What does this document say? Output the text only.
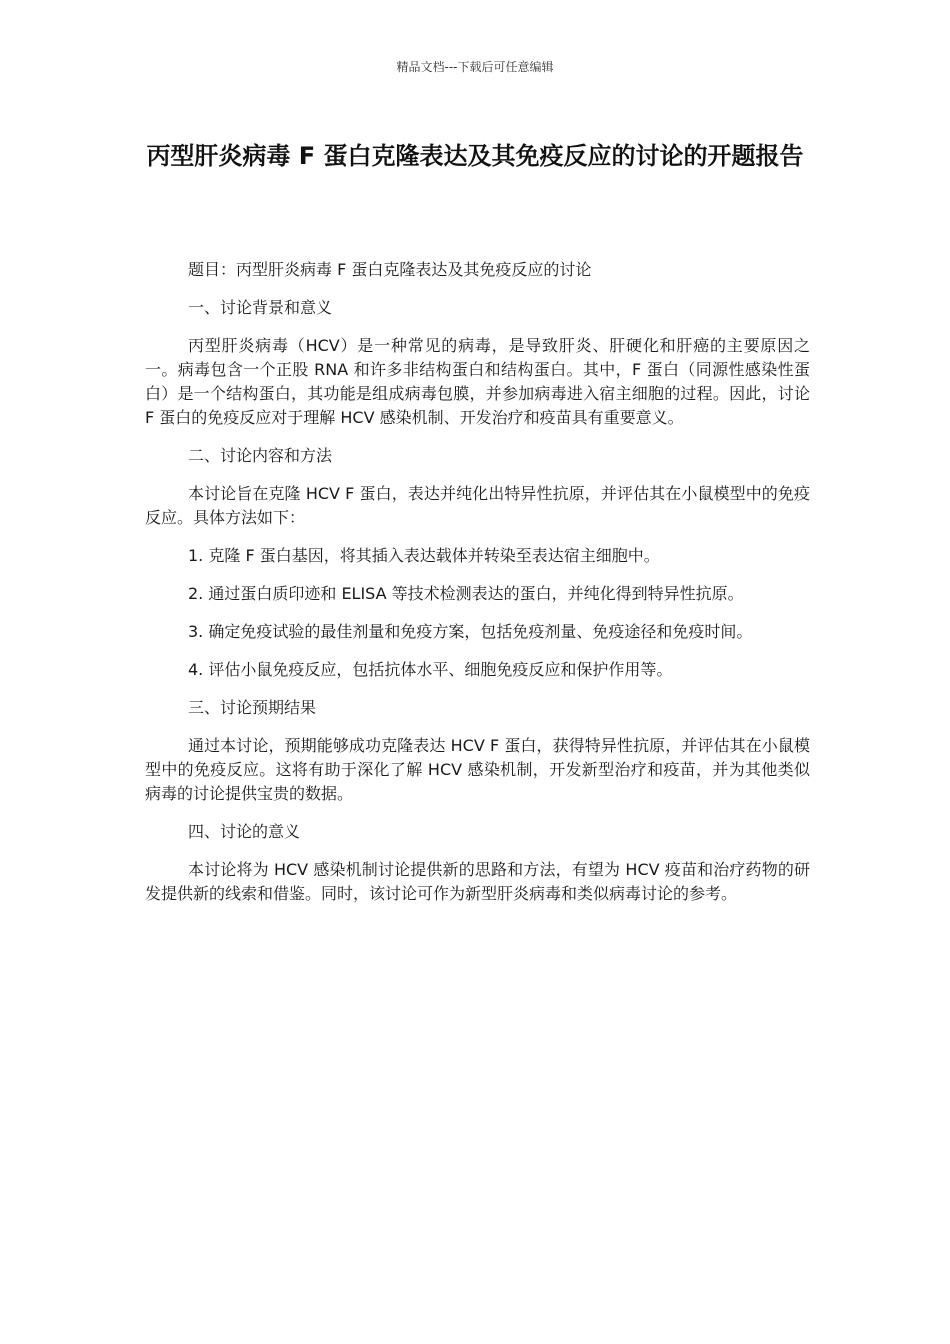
精品文档---下载后可任意编辑
丙型肝炎病毒 F 蛋白克隆表达及其免疫反应的讨论的开题报告

题目：丙型肝炎病毒 F 蛋白克隆表达及其免疫反应的讨论

一、讨论背景和意义

丙型肝炎病毒（HCV）是一种常见的病毒，是导致肝炎、肝硬化和肝癌的主要原因之一。病毒包含一个正股 RNA 和许多非结构蛋白和结构蛋白。其中，F 蛋白（同源性感染性蛋白）是一个结构蛋白，其功能是组成病毒包膜，并参加病毒进入宿主细胞的过程。因此，讨论 F 蛋白的免疫反应对于理解 HCV 感染机制、开发治疗和疫苗具有重要意义。

二、讨论内容和方法

本讨论旨在克隆 HCV F 蛋白，表达并纯化出特异性抗原，并评估其在小鼠模型中的免疫反应。具体方法如下：

1. 克隆 F 蛋白基因，将其插入表达载体并转染至表达宿主细胞中。

2. 通过蛋白质印迹和 ELISA 等技术检测表达的蛋白，并纯化得到特异性抗原。

3. 确定免疫试验的最佳剂量和免疫方案，包括免疫剂量、免疫途径和免疫时间。

4. 评估小鼠免疫反应，包括抗体水平、细胞免疫反应和保护作用等。

三、讨论预期结果

通过本讨论，预期能够成功克隆表达 HCV F 蛋白，获得特异性抗原，并评估其在小鼠模型中的免疫反应。这将有助于深化了解 HCV 感染机制，开发新型治疗和疫苗，并为其他类似病毒的讨论提供宝贵的数据。

四、讨论的意义

本讨论将为 HCV 感染机制讨论提供新的思路和方法，有望为 HCV 疫苗和治疗药物的研发提供新的线索和借鉴。同时，该讨论可作为新型肝炎病毒和类似病毒讨论的参考。
